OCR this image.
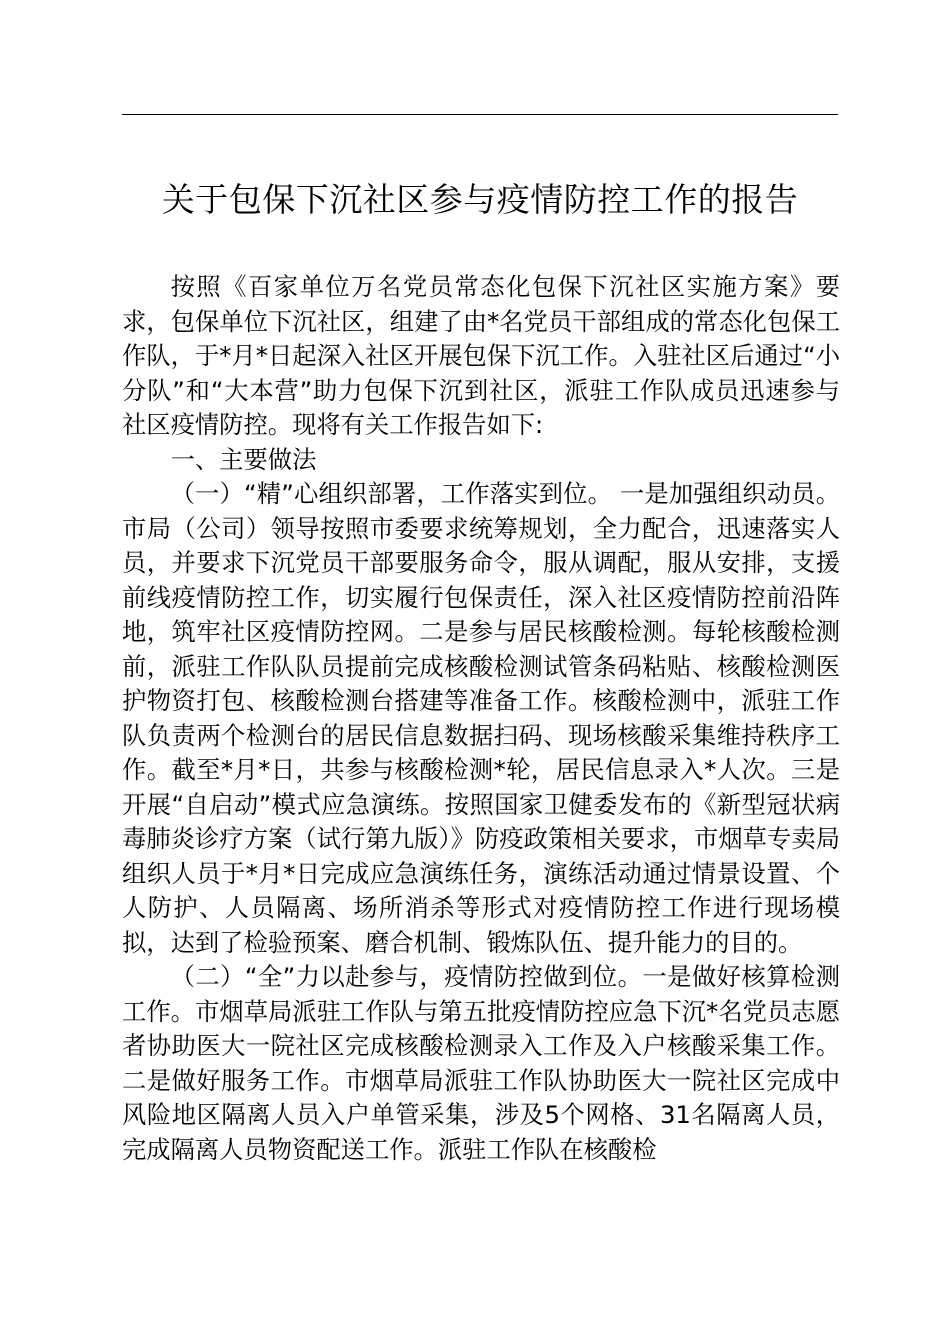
关于包保下沉社区参与疫情防控工作的报告

按照《百家单位万名党员常态化包保下沉社区实施方案》要求，包保单位下沉社区，组建了由*名党员干部组成的常态化包保工作队，于*月*日起深入社区开展包保下沉工作。入驻社区后通过“小分队”和“大本营”助力包保下沉到社区，派驻工作队成员迅速参与社区疫情防控。现将有关工作报告如下:

一、主要做法

（一）“精”心组织部署，工作落实到位。 一是加强组织动员。市局（公司）领导按照市委要求统筹规划，全力配合，迅速落实人员，并要求下沉党员干部要服务命令，服从调配，服从安排，支援前线疫情防控工作，切实履行包保责任，深入社区疫情防控前沿阵地，筑牢社区疫情防控网。二是参与居民核酸检测。每轮核酸检测前，派驻工作队队员提前完成核酸检测试管条码粘贴、核酸检测医护物资打包、核酸检测台搭建等准备工作。核酸检测中，派驻工作队负责两个检测台的居民信息数据扫码、现场核酸采集维持秩序工作。截至*月*日，共参与核酸检测*轮，居民信息录入*人次。三是开展“自启动”模式应急演练。按照国家卫健委发布的《新型冠状病毒肺炎诊疗方案（试行第九版）》防疫政策相关要求，市烟草专卖局组织人员于*月*日完成应急演练任务，演练活动通过情景设置、个人防护、人员隔离、场所消杀等形式对疫情防控工作进行现场模拟，达到了检验预案、磨合机制、锻炼队伍、提升能力的目的。

（二）“全”力以赴参与，疫情防控做到位。一是做好核算检测工作。市烟草局派驻工作队与第五批疫情防控应急下沉*名党员志愿者协助医大一院社区完成核酸检测录入工作及入户核酸采集工作。二是做好服务工作。市烟草局派驻工作队协助医大一院社区完成中风险地区隔离人员入户单管采集，涉及5个网格、31名隔离人员，完成隔离人员物资配送工作。派驻工作队在核酸检
